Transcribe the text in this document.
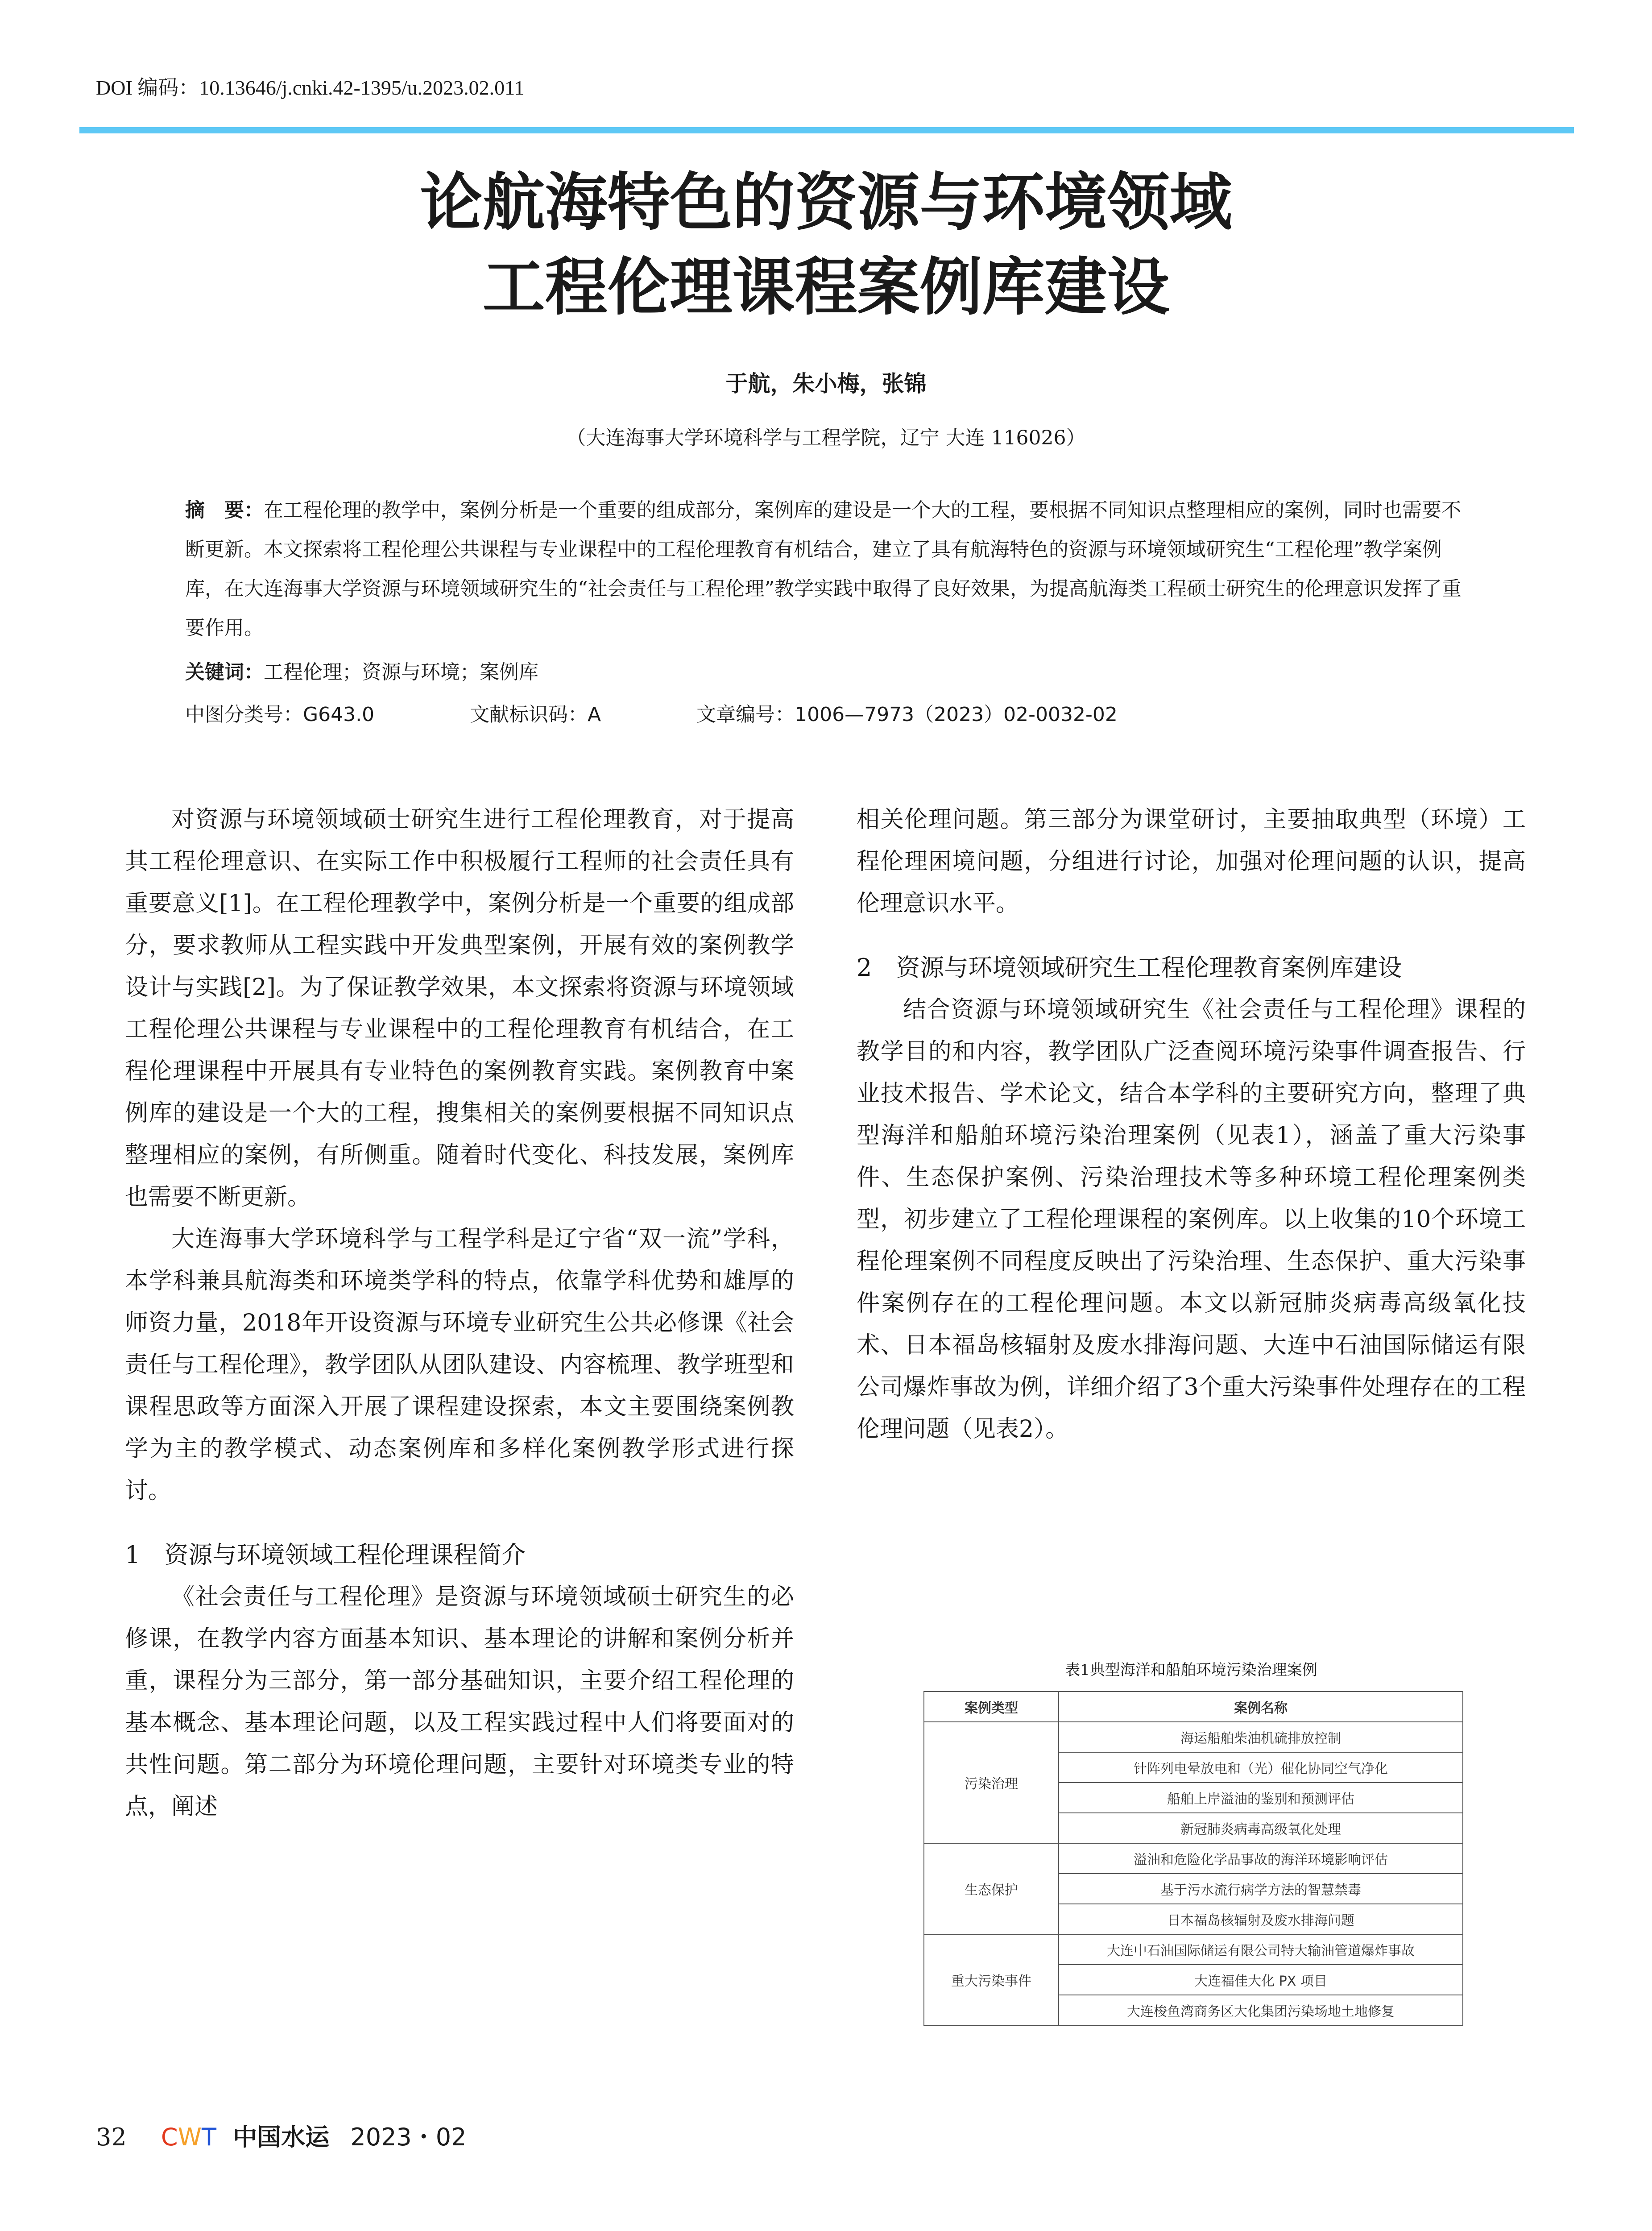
DOI 编码：10.13646/j.cnki.42-1395/u.2023.02.011
论航海特色的资源与环境领域
工程伦理课程案例库建设
于航，朱小梅，张锦
（大连海事大学环境科学与工程学院，辽宁 大连 116026）
摘　要：在工程伦理的教学中，案例分析是一个重要的组成部分，案例库的建设是一个大的工程，要根据不同知识点整理相应的案例，同时也需要不断更新。本文探索将工程伦理公共课程与专业课程中的工程伦理教育有机结合，建立了具有航海特色的资源与环境领域研究生“工程伦理”教学案例库，在大连海事大学资源与环境领域研究生的“社会责任与工程伦理”教学实践中取得了良好效果，为提高航海类工程硕士研究生的伦理意识发挥了重要作用。
关键词：工程伦理；资源与环境；案例库
中图分类号：G643.0	文献标识码：A	文章编号：1006—7973（2023）02-0032-02

对资源与环境领域硕士研究生进行工程伦理教育，对于提高其工程伦理意识、在实际工作中积极履行工程师的社会责任具有重要意义[1]。在工程伦理教学中，案例分析是一个重要的组成部分，要求教师从工程实践中开发典型案例，开展有效的案例教学设计与实践[2]。为了保证教学效果，本文探索将资源与环境领域工程伦理公共课程与专业课程中的工程伦理教育有机结合，在工程伦理课程中开展具有专业特色的案例教育实践。案例教育中案例库的建设是一个大的工程，搜集相关的案例要根据不同知识点整理相应的案例，有所侧重。随着时代变化、科技发展，案例库也需要不断更新。

大连海事大学环境科学与工程学科是辽宁省“双一流”学科，本学科兼具航海类和环境类学科的特点，依靠学科优势和雄厚的师资力量，2018年开设资源与环境专业研究生公共必修课《社会责任与工程伦理》，教学团队从团队建设、内容梳理、教学班型和课程思政等方面深入开展了课程建设探索，本文主要围绕案例教学为主的教学模式、动态案例库和多样化案例教学形式进行探讨。

1　资源与环境领域工程伦理课程简介

《社会责任与工程伦理》是资源与环境领域硕士研究生的必修课，在教学内容方面基本知识、基本理论的讲解和案例分析并重，课程分为三部分，第一部分基础知识，主要介绍工程伦理的基本概念、基本理论问题，以及工程实践过程中人们将要面对的共性问题。第二部分为环境伦理问题，主要针对环境类专业的特点，阐述

相关伦理问题。第三部分为课堂研讨，主要抽取典型（环境）工程伦理困境问题，分组进行讨论，加强对伦理问题的认识，提高伦理意识水平。

2　资源与环境领域研究生工程伦理教育案例库建设

结合资源与环境领域研究生《社会责任与工程伦理》课程的教学目的和内容，教学团队广泛查阅环境污染事件调查报告、行业技术报告、学术论文，结合本学科的主要研究方向，整理了典型海洋和船舶环境污染治理案例（见表1），涵盖了重大污染事件、生态保护案例、污染治理技术等多种环境工程伦理案例类型，初步建立了工程伦理课程的案例库。以上收集的10个环境工程伦理案例不同程度反映出了污染治理、生态保护、重大污染事件案例存在的工程伦理问题。本文以新冠肺炎病毒高级氧化技术、日本福岛核辐射及废水排海问题、大连中石油国际储运有限公司爆炸事故为例，详细介绍了3个重大污染事件处理存在的工程伦理问题（见表2）。

表1典型海洋和船舶环境污染治理案例
案例类型	案例名称
污染治理	海运船舶柴油机硫排放控制
	针阵列电晕放电和（光）催化协同空气净化
	船舶上岸溢油的鉴别和预测评估
	新冠肺炎病毒高级氧化处理
生态保护	溢油和危险化学品事故的海洋环境影响评估
	基于污水流行病学方法的智慧禁毒
	日本福岛核辐射及废水排海问题
重大污染事件	大连中石油国际储运有限公司特大输油管道爆炸事故
	大连福佳大化 PX 项目
	大连梭鱼湾商务区大化集团污染场地土地修复
32 CWT 中国水运 2023・02
